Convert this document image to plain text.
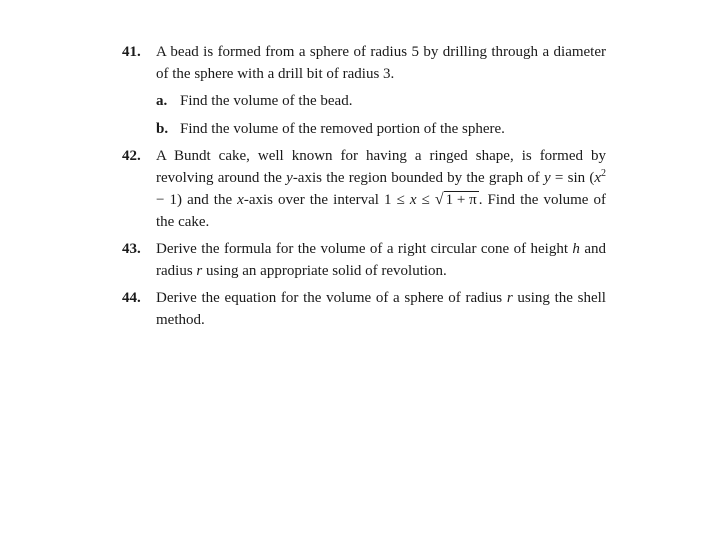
41. A bead is formed from a sphere of radius 5 by drilling through a diameter of the sphere with a drill bit of radius 3.
a. Find the volume of the bead.
b. Find the volume of the removed portion of the sphere.
42. A Bundt cake, well known for having a ringed shape, is formed by revolving around the y-axis the region bounded by the graph of $y = \sin (x^2 - 1)$ and the x-axis over the interval 1 ≤ x ≤ √ 1 + π . Find the volume of the cake.
43. Derive the formula for the volume of a right circular cone of height h and radius r using an appropriate solid of revolution.
44. Derive the equation for the volume of a sphere of radius r using the shell method.
